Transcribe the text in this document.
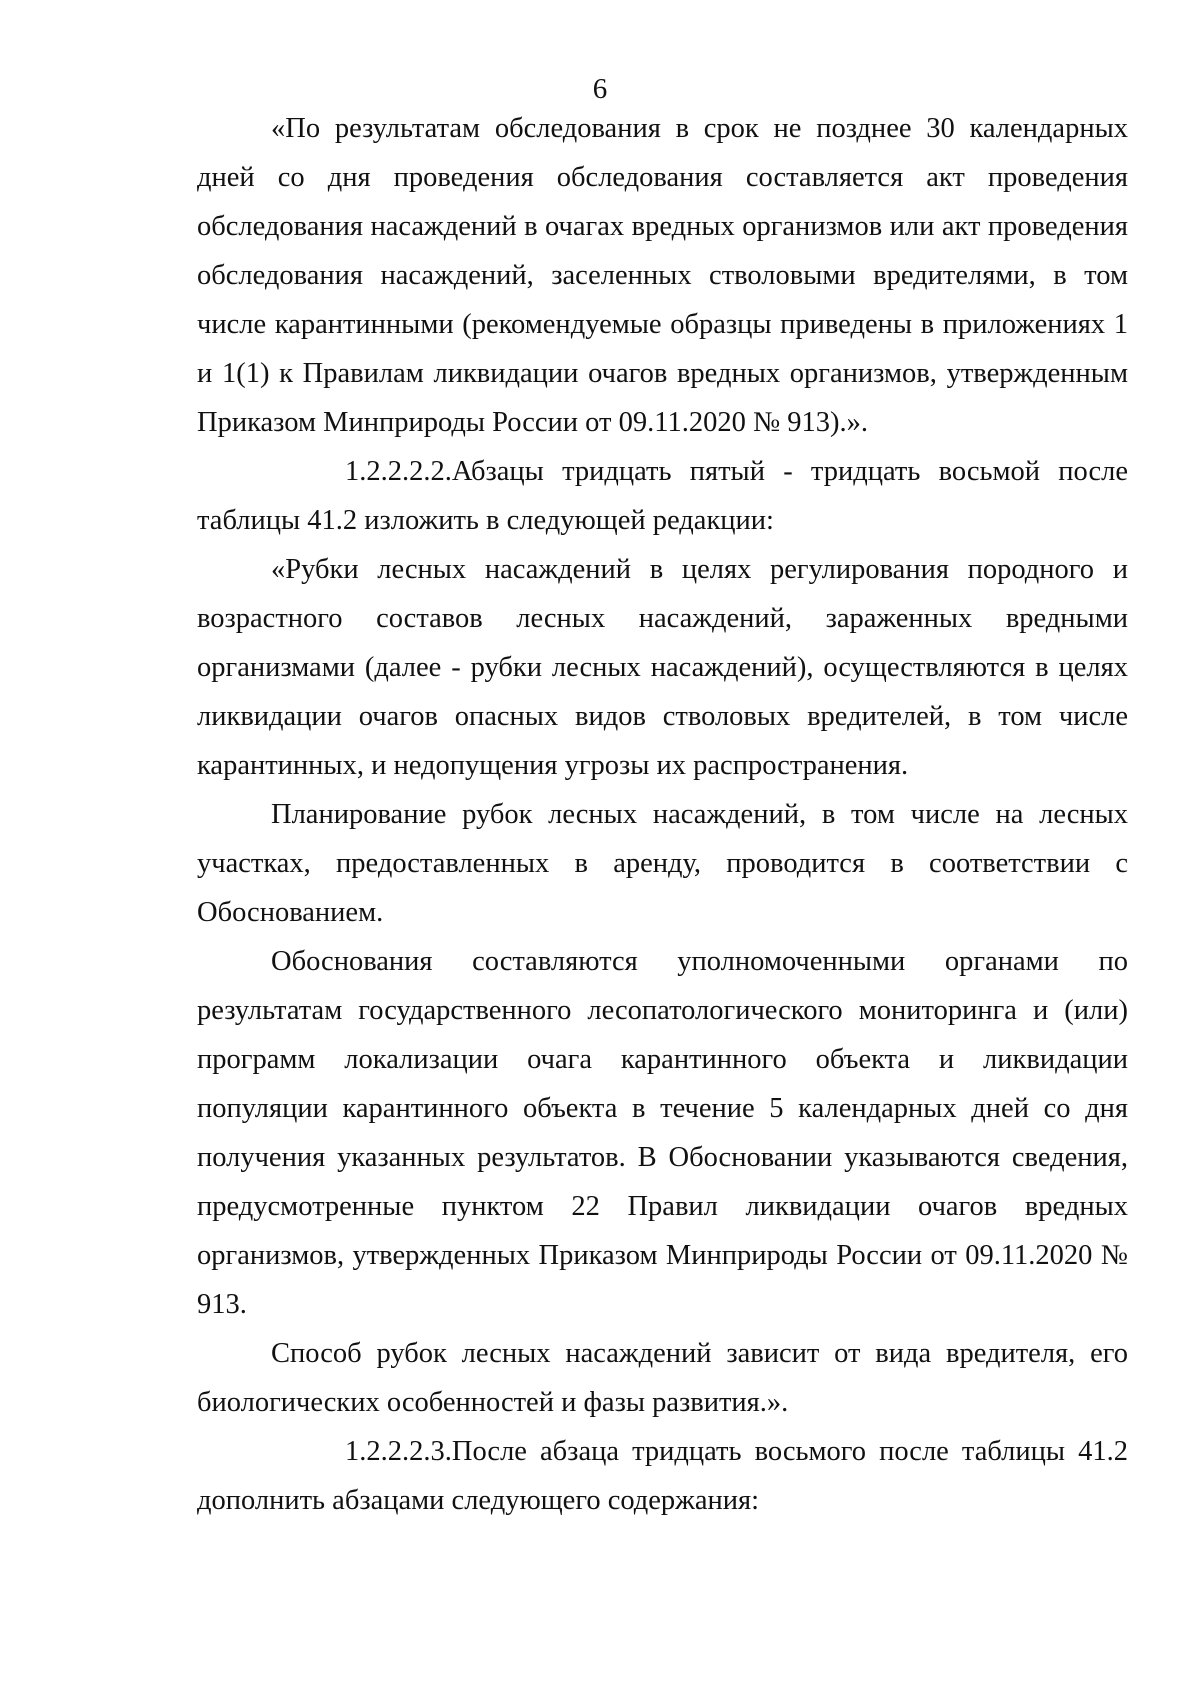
6

«По результатам обследования в срок не позднее 30 календарных дней со дня проведения обследования составляется акт проведения обследования насаждений в очагах вредных организмов или акт проведения обследования насаждений, заселенных стволовыми вредителями, в том числе карантинными (рекомендуемые образцы приведены в приложениях 1 и 1(1) к Правилам ликвидации очагов вредных организмов, утвержденным Приказом Минприроды России от 09.11.2020 № 913).».

1.2.2.2.2.Абзацы тридцать пятый - тридцать восьмой после таблицы 41.2 изложить в следующей редакции:

«Рубки лесных насаждений в целях регулирования породного и возрастного составов лесных насаждений, зараженных вредными организмами (далее - рубки лесных насаждений), осуществляются в целях ликвидации очагов опасных видов стволовых вредителей, в том числе карантинных, и недопущения угрозы их распространения.

Планирование рубок лесных насаждений, в том числе на лесных участках, предоставленных в аренду, проводится в соответствии с Обоснованием.

Обоснования составляются уполномоченными органами по результатам государственного лесопатологического мониторинга и (или) программ локализации очага карантинного объекта и ликвидации популяции карантинного объекта в течение 5 календарных дней со дня получения указанных результатов. В Обосновании указываются сведения, предусмотренные пунктом 22 Правил ликвидации очагов вредных организмов, утвержденных Приказом Минприроды России от 09.11.2020 № 913.

Способ рубок лесных насаждений зависит от вида вредителя, его биологических особенностей и фазы развития.».

1.2.2.2.3.После абзаца тридцать восьмого после таблицы 41.2 дополнить абзацами следующего содержания:
